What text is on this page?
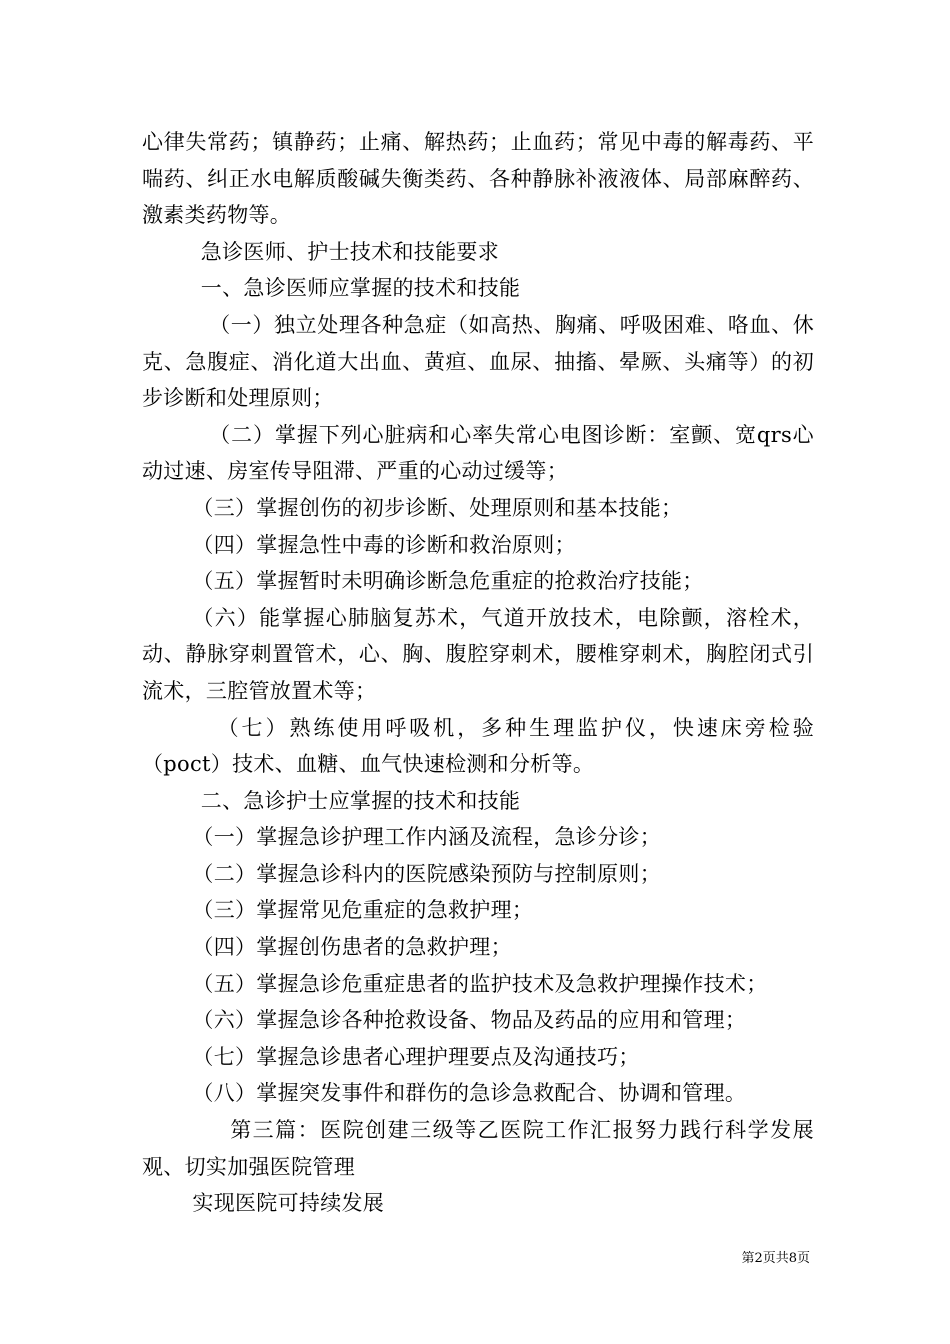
心律失常药；镇静药；止痛、解热药；止血药；常见中毒的解毒药、平喘药、纠正水电解质酸碱失衡类药、各种静脉补液液体、局部麻醉药、激素类药物等。

急诊医师、护士技术和技能要求

一、急诊医师应掌握的技术和技能

（一）独立处理各种急症（如高热、胸痛、呼吸困难、咯血、休克、急腹症、消化道大出血、黄疸、血尿、抽搐、晕厥、头痛等）的初步诊断和处理原则；

（二）掌握下列心脏病和心率失常心电图诊断：室颤、宽qrs心动过速、房室传导阻滞、严重的心动过缓等；

（三）掌握创伤的初步诊断、处理原则和基本技能；

（四）掌握急性中毒的诊断和救治原则；

（五）掌握暂时未明确诊断急危重症的抢救治疗技能；

（六）能掌握心肺脑复苏术，气道开放技术，电除颤，溶栓术，动、静脉穿刺置管术，心、胸、腹腔穿刺术，腰椎穿刺术，胸腔闭式引流术，三腔管放置术等；

（七）熟练使用呼吸机，多种生理监护仪，快速床旁检验（poct）技术、血糖、血气快速检测和分析等。

二、急诊护士应掌握的技术和技能

（一）掌握急诊护理工作内涵及流程，急诊分诊；

（二）掌握急诊科内的医院感染预防与控制原则；

（三）掌握常见危重症的急救护理；

（四）掌握创伤患者的急救护理；

（五）掌握急诊危重症患者的监护技术及急救护理操作技术；

（六）掌握急诊各种抢救设备、物品及药品的应用和管理；

（七）掌握急诊患者心理护理要点及沟通技巧；

（八）掌握突发事件和群伤的急诊急救配合、协调和管理。

第三篇：医院创建三级等乙医院工作汇报努力践行科学发展观、切实加强医院管理

实现医院可持续发展

第2页共8页
